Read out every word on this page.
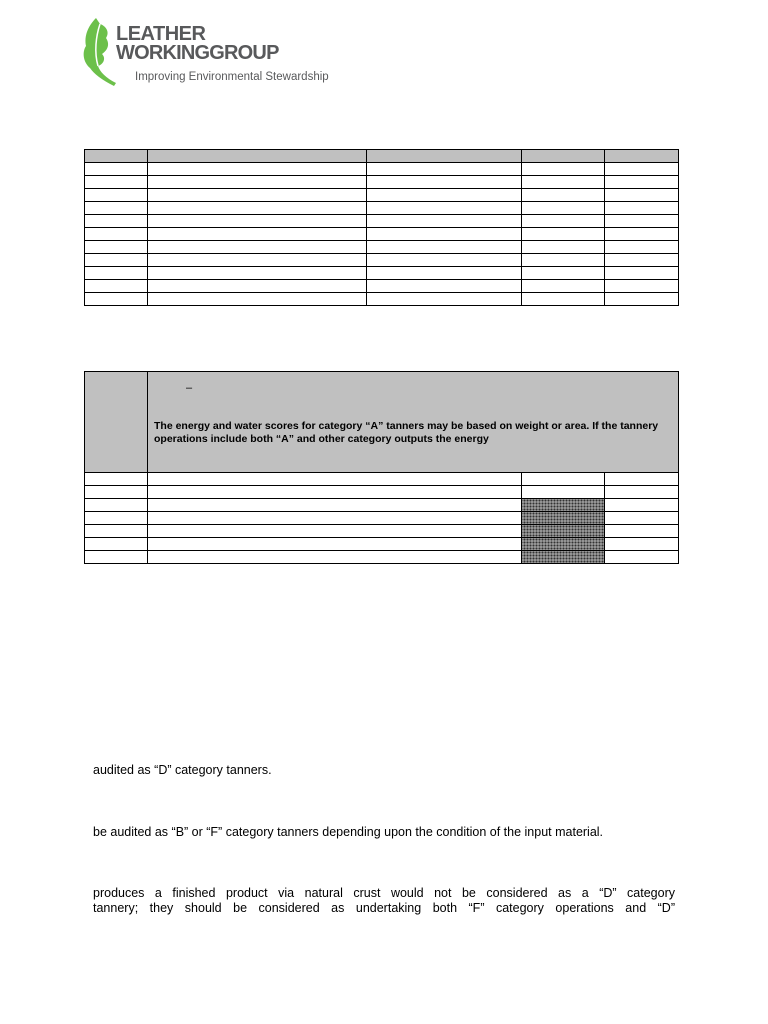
LEATHER
WORKINGGROUP
Improving Environmental Stewardship

	The energy and water scores for category “A” tanners may be based on weight or area. If the tannery operations include both “A” and other category outputs the energy		

–
audited as “D” category tanners.
be audited as “B” or “F” category tanners depending upon the condition of the input material.
produces a finished product via natural crust would not be considered as a “D” category
tannery; they should be considered as undertaking both “F” category operations and “D”
